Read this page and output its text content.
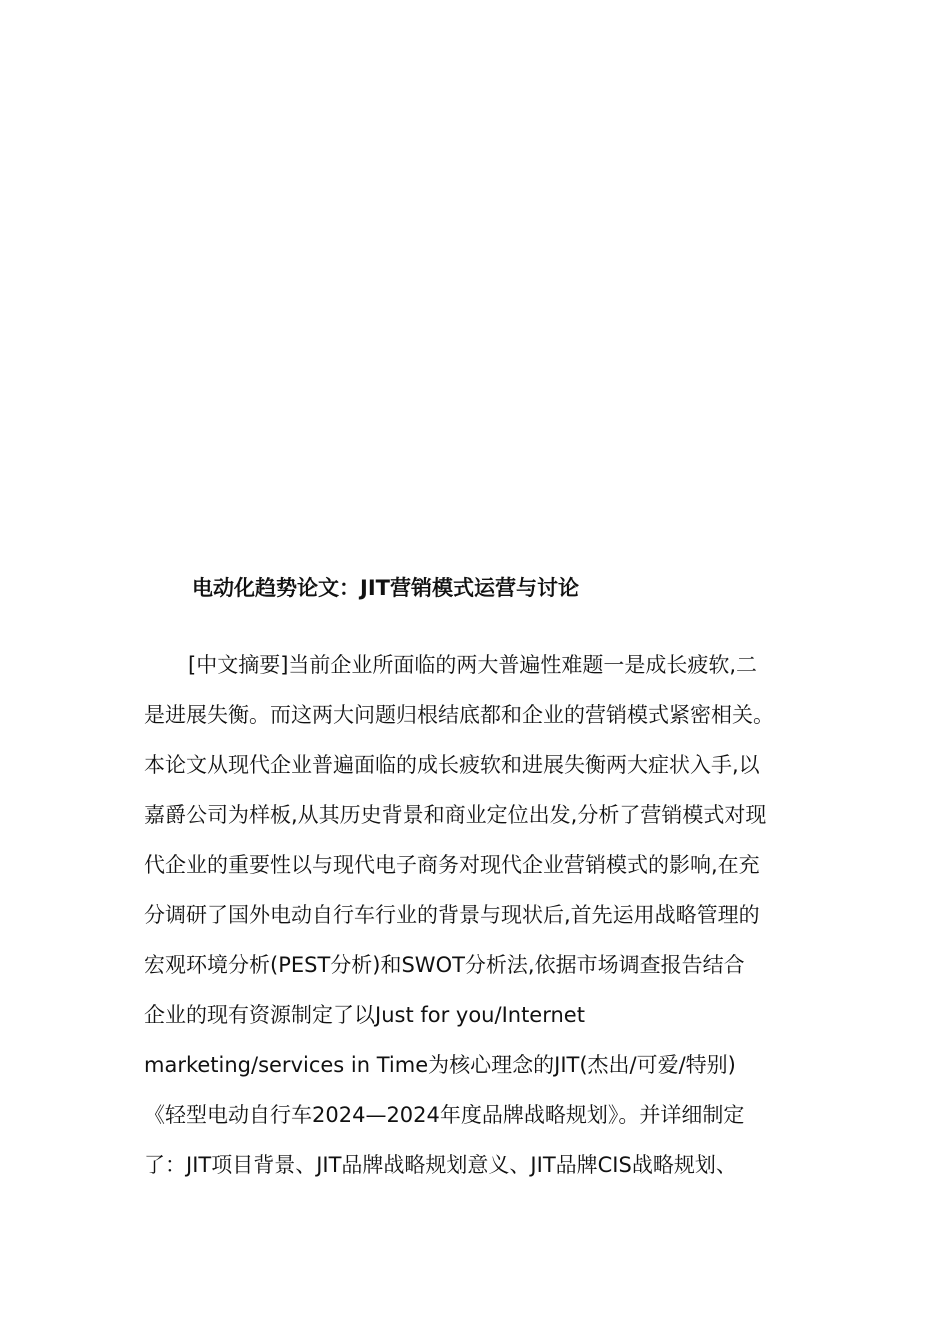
电动化趋势论文：JIT营销模式运营与讨论
[中文摘要]当前企业所面临的两大普遍性难题一是成长疲软,二
是进展失衡。而这两大问题归根结底都和企业的营销模式紧密相关。
本论文从现代企业普遍面临的成长疲软和进展失衡两大症状入手,以
嘉爵公司为样板,从其历史背景和商业定位出发,分析了营销模式对现
代企业的重要性以与现代电子商务对现代企业营销模式的影响,在充
分调研了国外电动自行车行业的背景与现状后,首先运用战略管理的
宏观环境分析(PEST分析)和SWOT分析法,依据市场调查报告结合
企业的现有资源制定了以Just for you/Internet
marketing/services in Time为核心理念的JIT(杰出/可爱/特别)
《轻型电动自行车2024—2024年度品牌战略规划》。并详细制定
了：JIT项目背景、JIT品牌战略规划意义、JIT品牌CIS战略规划、
